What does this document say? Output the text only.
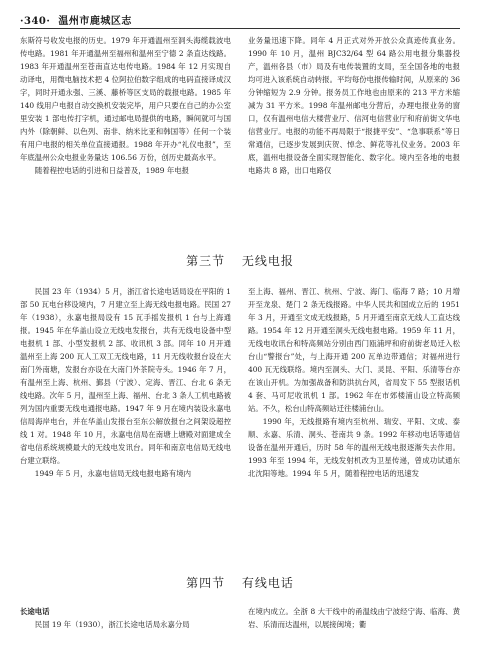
·340· 温州市鹿城区志

东斯符号收发电报的历史。1979 年开通温州至洞头海缆载波电传电路。1981 年开通温州至福州和温州至宁德 2 条直达线路。1983 年开通温州至苍南直达电传电路。1984 年 12 月实现自动译电，用微电脑技术把 4 位阿拉伯数字组成的电码直接译成汉字，同时开通永强、三溪、藤桥等区支局的载报电路。1985 年 140 线用户电报自动交换机安装完毕，用户只要在自己的办公室里安装 1 部电传打字机，通过邮电局提供的电路，瞬间就可与国内外（除朝鲜、以色列、南非、纳米比亚和韩国等）任何一个装有用户电报的相关单位直接通报。1988 年开办“礼仪电报”，至年底温州公众电报业务量达 106.56 万份，创历史最高水平。

随着程控电话的引进和日益普及，1989 年电报

业务量迅速下降。同年 4 月正式对外开放公众真迹传真业务。1990 年 10 月，温州 BJC32/64 型 64 路公用电报分集器投产，温州各县（市）局及有电传装置的支局，至全国各地的电报均可进入该系统自动转报。平均每份电报传输时间，从原来的 36 分钟缩短为 2.9 分钟。报务员工作地也由原来的 213 平方米缩减为 31 平方米。1998 年温州邮电分营后，办理电报业务的窗口，仅有温州电信大楼营业厅、信河电信营业厅和府前街文华电信营业厅。电报的功能不再局限于“报捷平安”、“急事联系”等日常通信，已逐步发展到庆贺、悼念、鲜花等礼仪业务。2003 年底，温州电报设备全面实现智能化、数字化。境内至各地的电报电路共 8 路，出口电路仅

第三节 无线电报

民国 23 年（1934）5 月，浙江省长途电话局设在平阳的 1 部 50 瓦电台移设境内，7 月建立至上海无线电报电路。民国 27 年（1938），永嘉电报局设有 15 瓦手摇发报机 1 台与上海通报。1945 年在华盖山设立无线电发报台，共有无线电设备中型电报机 1 部、小型发报机 2 部、收讯机 3 部。同年 10 月开通温州至上海 200 瓦人工双工无线电路，11 月无线收报台设在大南门外南塘，发报台亦设在大南门外茶院寺头。1946 年 7 月，有温州至上海、杭州、鄞县（宁波）、定海、晋江、台北 6 条无线电路。次年 5 月，温州至上海、福州、台北 3 条人工机电路被列为国内重要无线电通报电路。1947 年 9 月在境内装设永嘉电信局海岸电台，并在华盖山发报台至东公解放报台之间架设超控线 1 对。1948 年 10 月，永嘉电信局在南塘上塘殿对面建成全省电信系统规模最大的无线电发讯台。同年和南京电信局无线电台建立联络。

1949 年 5 月，永嘉电信局无线电报电路有境内

至上海、福州、晋江、杭州、宁波、海门、临海 7 路；10 月增开至龙泉、楚门 2 条无线报路。中华人民共和国成立后的 1951 年 3 月，开通至文成无线报路，5 月开通至南京无线人工直达线路。1954 年 12 月开通至洞头无线电报电路。1959 年 11 月，无线电收讯台和特高频站分别由西门瓯浦坪和府前街老局迁入松台山“警报台”处，与上海开通 200 瓦单边带通信；对福州进行 400 瓦无线联络。境内至洞头、大门、灵昆、平阳、乐清等台亦在该山开机。为加强战备和防洪抗台风，省局发下 55 型报话机 4 套、马可尼收讯机 1 部。1962 年在市郊楼浦山设立特高频站。不久，松台山特高频站迁往楼浦台山。

1990 年，无线报路有境内至杭州、瑞安、平阳、文成、泰顺、永嘉、乐清、洞头、苍南共 9 条。1992 年移动电话等通信设备在温州开通后，历时 58 年的温州无线电报逐渐失去作用。1993 年至 1994 年，无线发射机改为卫星传递，曾成功试通东北沈阳等地。1994 年 5 月，随着程控电话的迅速发

第四节 有线电话

长途电话

民国 19 年（1930），浙江长途电话局永嘉分局

在境内成立。全浙 8 大干线中的甬温线由宁波经宁海、临海、黄岩、乐清而达温州，以展接闽境；衢
